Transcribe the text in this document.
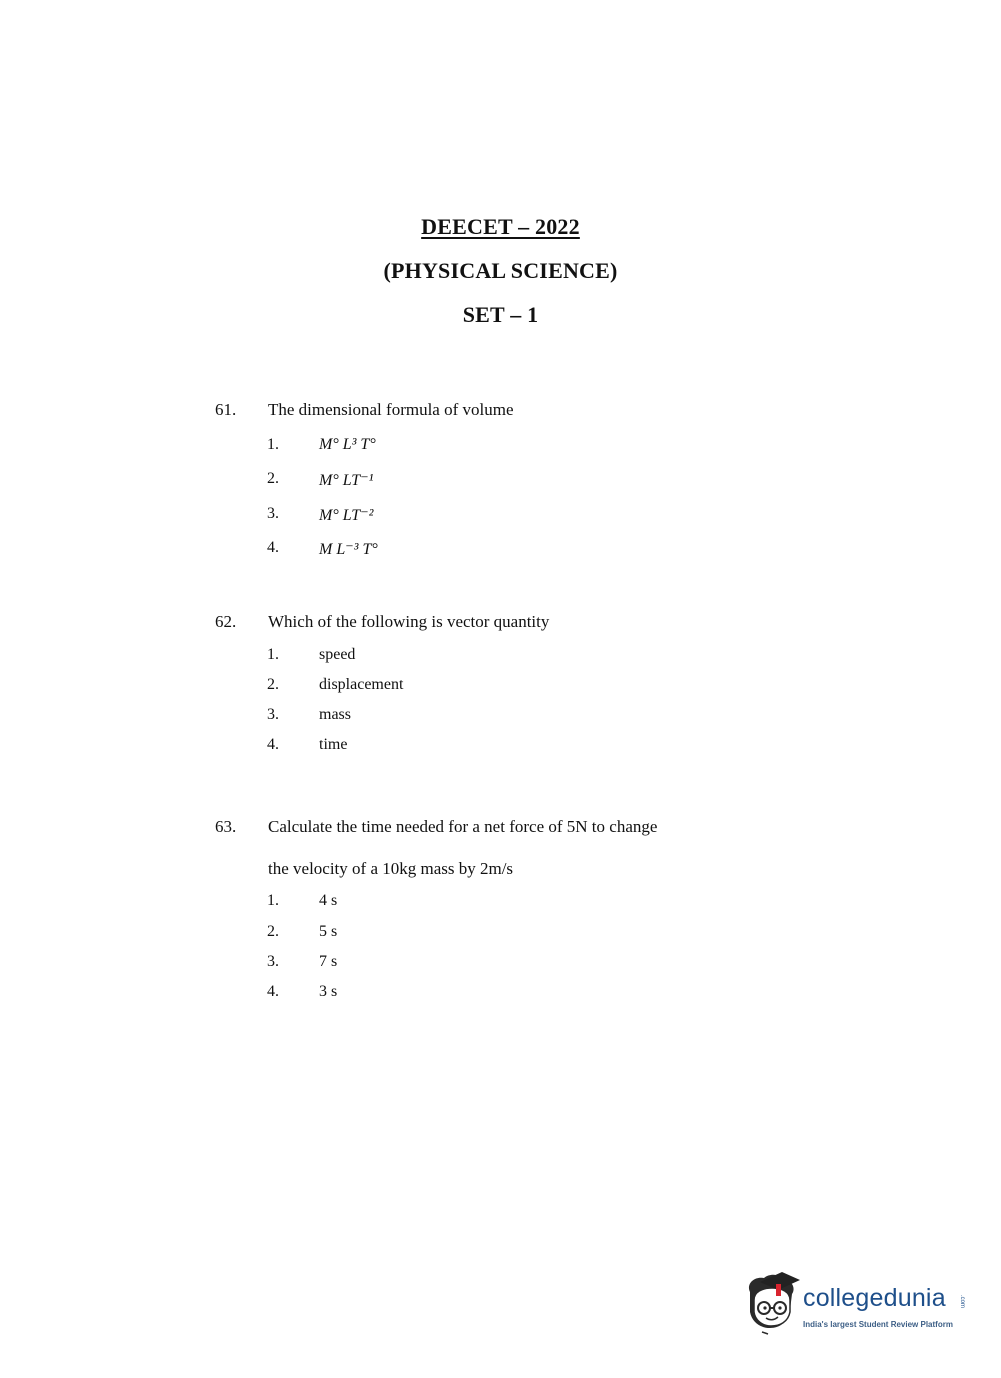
DEECET – 2022
(PHYSICAL SCIENCE)
SET – 1
61. The dimensional formula of volume
1.	M° L³ T°
2.	M° LT⁻¹
3.	M° LT⁻²
4.	M L⁻³ T°
62. Which of the following is vector quantity
1.	speed
2.	displacement
3.	mass
4.	time
63. Calculate the time needed for a net force of 5N to change
the velocity of a 10kg mass by 2m/s
1.	4 s
2.	5 s
3.	7 s
4.	3 s
collegedunia .com
India's largest Student Review Platform
